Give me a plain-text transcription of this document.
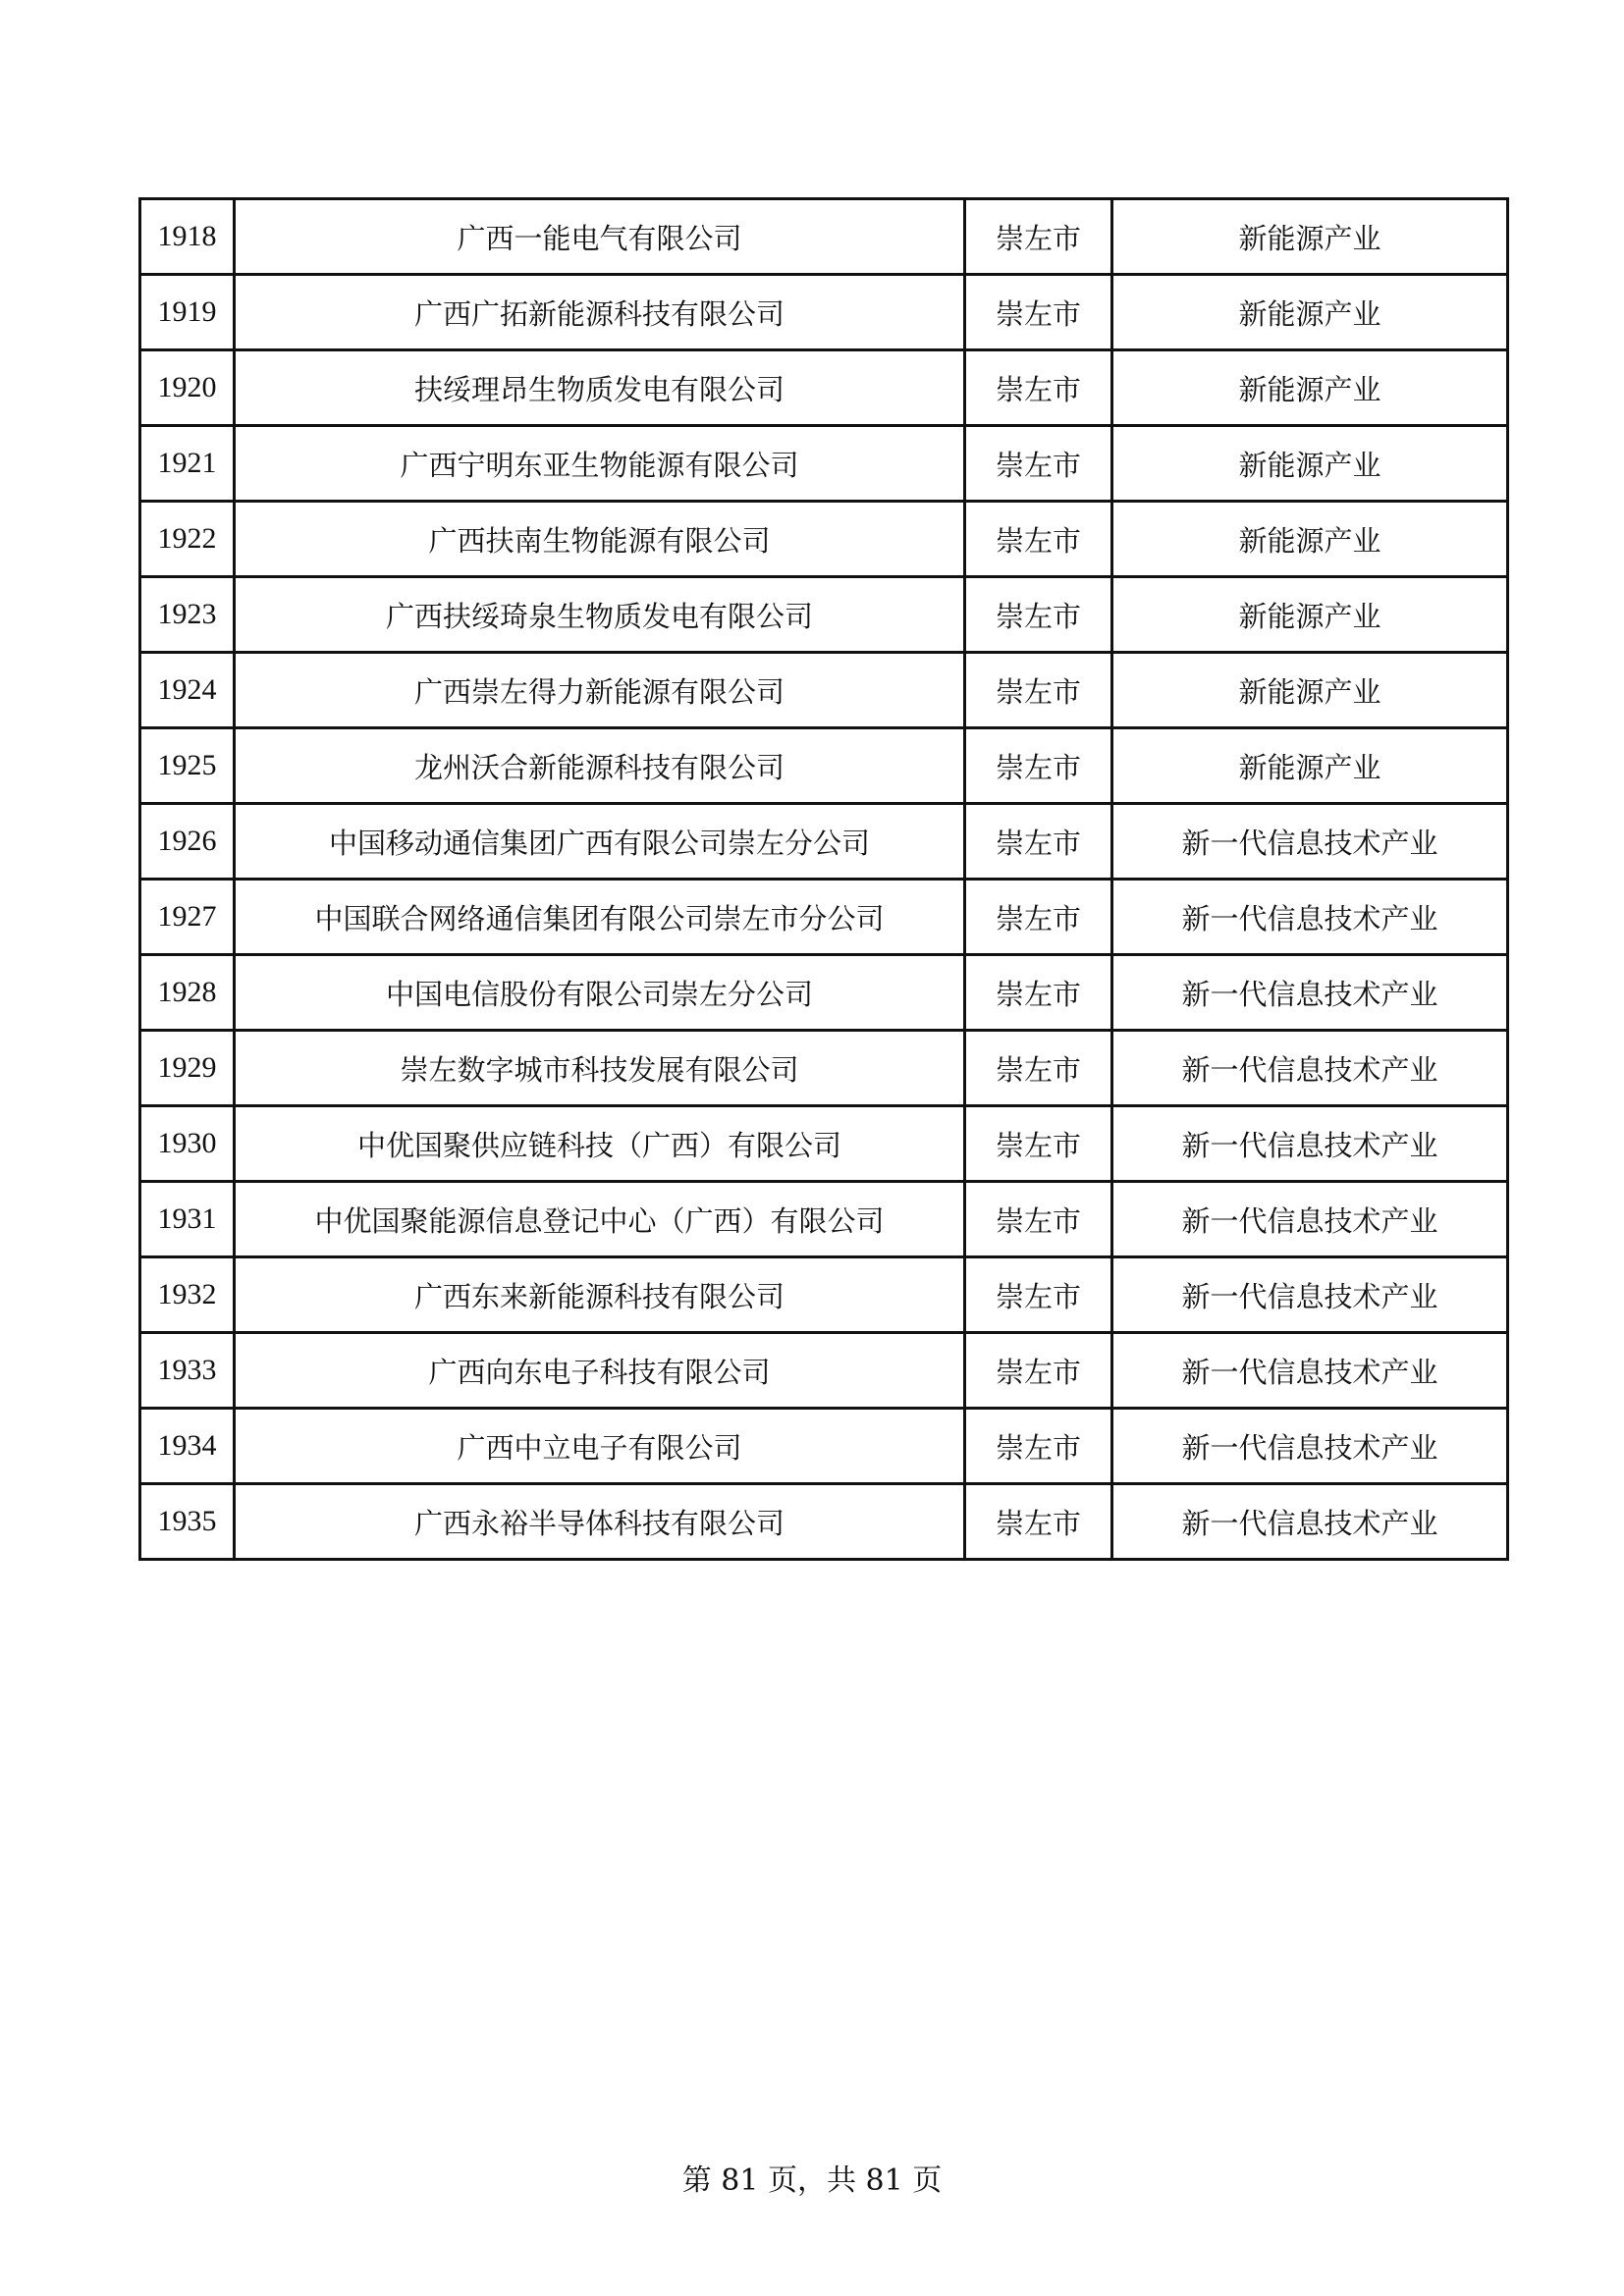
1918	广西一能电气有限公司	崇左市	新能源产业
1919	广西广拓新能源科技有限公司	崇左市	新能源产业
1920	扶绥理昂生物质发电有限公司	崇左市	新能源产业
1921	广西宁明东亚生物能源有限公司	崇左市	新能源产业
1922	广西扶南生物能源有限公司	崇左市	新能源产业
1923	广西扶绥琦泉生物质发电有限公司	崇左市	新能源产业
1924	广西崇左得力新能源有限公司	崇左市	新能源产业
1925	龙州沃合新能源科技有限公司	崇左市	新能源产业
1926	中国移动通信集团广西有限公司崇左分公司	崇左市	新一代信息技术产业
1927	中国联合网络通信集团有限公司崇左市分公司	崇左市	新一代信息技术产业
1928	中国电信股份有限公司崇左分公司	崇左市	新一代信息技术产业
1929	崇左数字城市科技发展有限公司	崇左市	新一代信息技术产业
1930	中优国聚供应链科技（广西）有限公司	崇左市	新一代信息技术产业
1931	中优国聚能源信息登记中心（广西）有限公司	崇左市	新一代信息技术产业
1932	广西东来新能源科技有限公司	崇左市	新一代信息技术产业
1933	广西向东电子科技有限公司	崇左市	新一代信息技术产业
1934	广西中立电子有限公司	崇左市	新一代信息技术产业
1935	广西永裕半导体科技有限公司	崇左市	新一代信息技术产业
第 81 页，共 81 页
